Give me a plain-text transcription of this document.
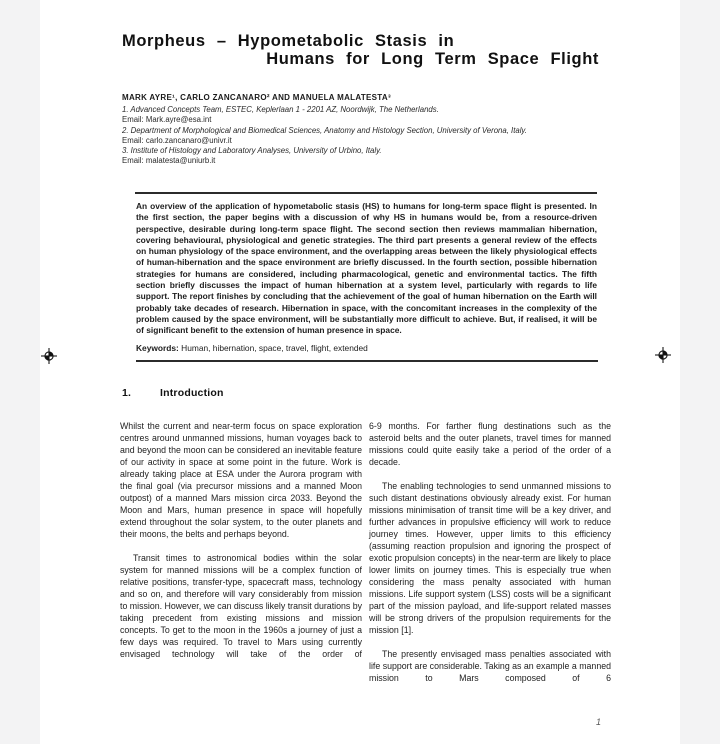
Morpheus – Hypometabolic Stasis in
Humans for Long Term Space Flight
MARK AYRE¹, CARLO ZANCANARO² AND MANUELA MALATESTA³
1. Advanced Concepts Team, ESTEC, Keplerlaan 1 - 2201 AZ, Noordwijk, The Netherlands.
Email: Mark.ayre@esa.int
2. Department of Morphological and Biomedical Sciences, Anatomy and Histology Section, University of Verona, Italy.
Email: carlo.zancanaro@univr.it
3. Institute of Histology and Laboratory Analyses, University of Urbino, Italy.
Email: malatesta@uniurb.it

An overview of the application of hypometabolic stasis (HS) to humans for long-term space flight is presented. In the first section, the paper begins with a discussion of why HS in humans would be, from a resource-driven perspective, desirable during long-term space flight. The second section then reviews mammalian hibernation, covering behavioural, physiological and genetic strategies. The third part presents a general review of the effects on human physiology of the space environment, and the overlapping areas between the likely physiological effects of human-hibernation and the space environment are briefly discussed. In the fourth section, possible hibernation strategies for humans are considered, including pharmacological, genetic and environmental tactics. The fifth section briefly discusses the impact of human hibernation at a system level, particularly with regards to life support. The report finishes by concluding that the achievement of the goal of human hibernation on the Earth will probably take decades of research. Hibernation in space, with the concomitant increases in the complexity of the problem caused by the space environment, will be substantially more difficult to achieve. But, if realised, it will be of significant benefit to the extension of human presence in space.

Keywords: Human, hibernation, space, travel, flight, extended
1.	Introduction

Whilst the current and near-term focus on space exploration centres around unmanned missions, human voyages back to and beyond the moon can be considered an inevitable feature of our activity in space at some point in the future. Work is already taking place at ESA under the Aurora program with the final goal (via precursor missions and a manned Moon outpost) of a manned Mars mission circa 2033. Beyond the Moon and Mars, human presence in space will hopefully extend throughout the solar system, to the outer planets and their moons, the belts and perhaps beyond.

Transit times to astronomical bodies within the solar system for manned missions will be a complex function of relative positions, transfer-type, spacecraft mass, technology and so on, and therefore will vary considerably from mission to mission. However, we can discuss likely transit durations by taking precedent from existing missions and mission concepts. To get to the moon in the 1960s a journey of just a few days was required. To travel to Mars using currently envisaged technology will take of the order of

6-9 months. For farther flung destinations such as the asteroid belts and the outer planets, travel times for manned missions could quite easily take a period of the order of a decade.

The enabling technologies to send unmanned missions to such distant destinations obviously already exist. For human missions minimisation of transit time will be a key driver, and further advances in propulsive efficiency will work to reduce journey times. However, upper limits to this efficiency (assuming reaction propulsion and ignoring the prospect of exotic propulsion concepts) in the near-term are likely to place lower limits on journey times. This is especially true when considering the mass penalty associated with human missions. Life support system (LSS) costs will be a significant part of the mission payload, and life-support related masses will be strong drivers of the propulsion requirements for the mission [1].

The presently envisaged mass penalties associated with life support are considerable. Taking as an example a manned mission to Mars composed of 6

1
